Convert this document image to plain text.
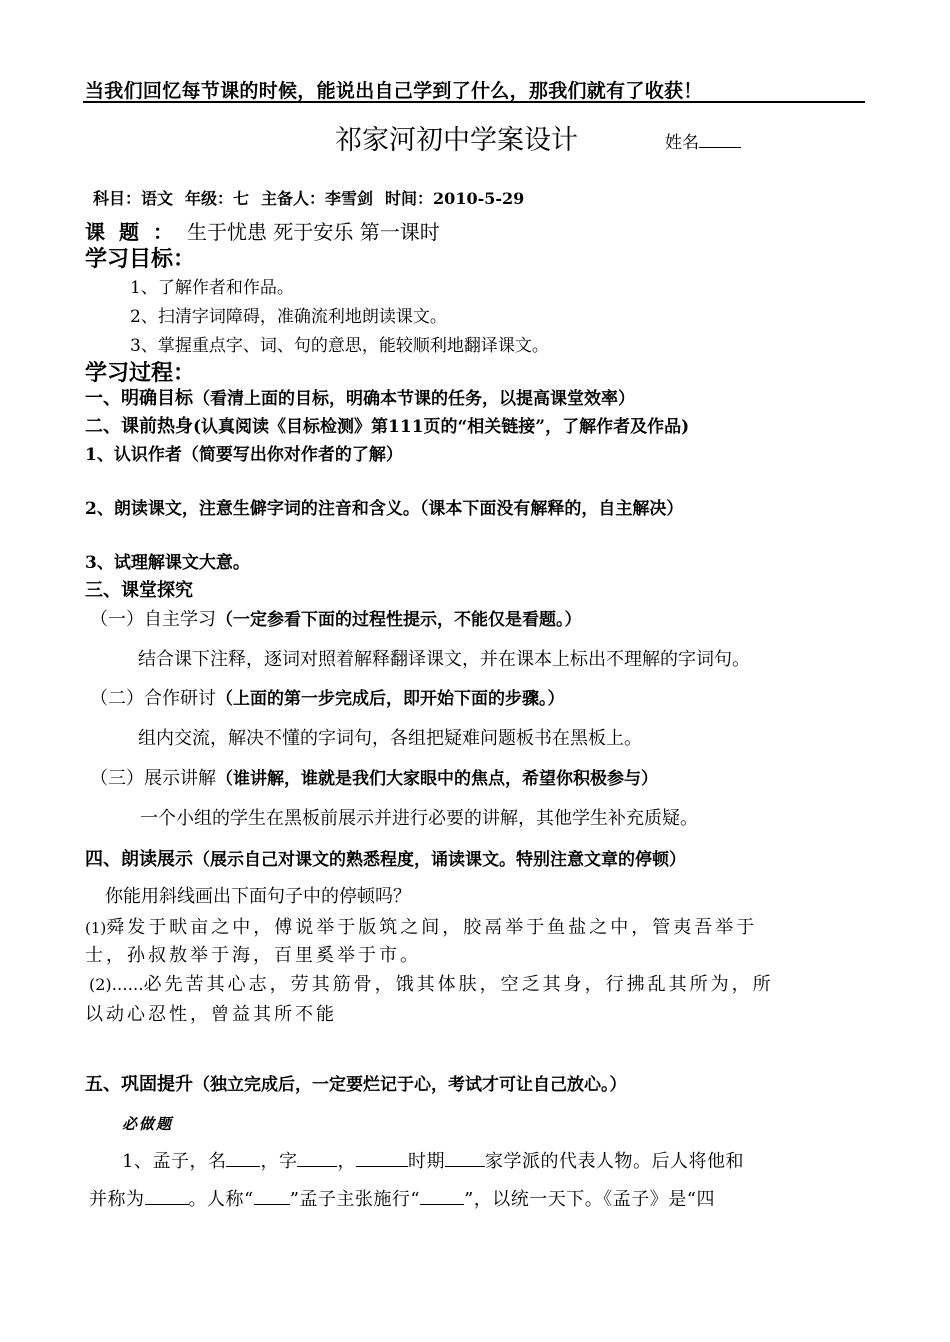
当我们回忆每节课的时候，能说出自己学到了什么，那我们就有了收获！
祁家河初中学案设计	姓名
科目：语文 年级：七 主备人：李雪剑 时间：2010-5-29
课题：生于忧患 死于安乐 第一课时
学习目标：
1、了解作者和作品。
2、扫清字词障碍，准确流利地朗读课文。
3、掌握重点字、词、句的意思，能较顺利地翻译课文。
学习过程：
一、明确目标（看清上面的目标，明确本节课的任务，以提高课堂效率）
二、课前热身(认真阅读《目标检测》第111页的“相关链接”，了解作者及作品)
1、认识作者（简要写出你对作者的了解）
2、朗读课文，注意生僻字词的注音和含义。（课本下面没有解释的，自主解决）
3、试理解课文大意。
三、课堂探究
（一）自主学习（一定参看下面的过程性提示，不能仅是看题。）
结合课下注释，逐词对照着解释翻译课文，并在课本上标出不理解的字词句。
（二）合作研讨（上面的第一步完成后，即开始下面的步骤。）
组内交流，解决不懂的字词句，各组把疑难问题板书在黑板上。
（三）展示讲解（谁讲解，谁就是我们大家眼中的焦点，希望你积极参与）
一个小组的学生在黑板前展示并进行必要的讲解，其他学生补充质疑。
四、朗读展示（展示自己对课文的熟悉程度，诵读课文。特别注意文章的停顿）
你能用斜线画出下面句子中的停顿吗？
(1)舜发于畎亩之中，傅说举于版筑之间，胶鬲举于鱼盐之中，管夷吾举于
士，孙叔敖举于海，百里奚举于市。
(2)……必先苦其心志，劳其筋骨，饿其体肤，空乏其身，行拂乱其所为，所
以动心忍性，曾益其所不能
五、巩固提升（独立完成后，一定要烂记于心，考试才可让自己放心。）
必做题
1、孟子，名 ，字 ，	时期 家学派的代表人物。后人将他和
并称为 。人称“ ”孟子主张施行“ ”，以统一天下。《孟子》是“四
